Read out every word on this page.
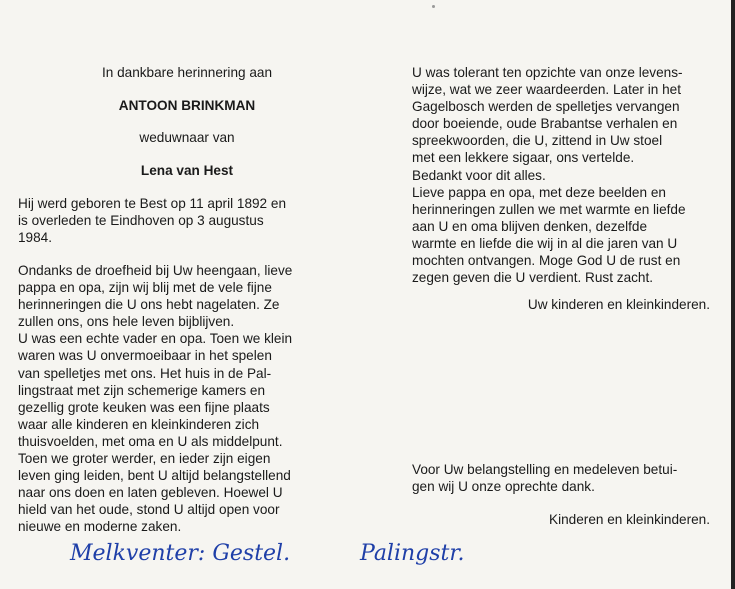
In dankbare herinnering aan

ANTOON BRINKMAN

weduwnaar van

Lena van Hest

Hij werd geboren te Best op 11 april 1892 en

is overleden te Eindhoven op 3 augustus

1984.

Ondanks de droefheid bij Uw heengaan, lieve

pappa en opa, zijn wij blij met de vele fijne

herinneringen die U ons hebt nagelaten. Ze

zullen ons, ons hele leven bijblijven.

U was een echte vader en opa. Toen we klein

waren was U onvermoeibaar in het spelen

van spelletjes met ons. Het huis in de Pal-

lingstraat met zijn schemerige kamers en

gezellig grote keuken was een fijne plaats

waar alle kinderen en kleinkinderen zich

thuisvoelden, met oma en U als middelpunt.

Toen we groter werder, en ieder zijn eigen

leven ging leiden, bent U altijd belangstellend

naar ons doen en laten gebleven. Hoewel U

hield van het oude, stond U altijd open voor

nieuwe en moderne zaken.

U was tolerant ten opzichte van onze levens-

wijze, wat we zeer waardeerden. Later in het

Gagelbosch werden de spelletjes vervangen

door boeiende, oude Brabantse verhalen en

spreekwoorden, die U, zittend in Uw stoel

met een lekkere sigaar, ons vertelde.

Bedankt voor dit alles.

Lieve pappa en opa, met deze beelden en

herinneringen zullen we met warmte en liefde

aan U en oma blijven denken, dezelfde

warmte en liefde die wij in al die jaren van U

mochten ontvangen. Moge God U de rust en

zegen geven die U verdient. Rust zacht.

Uw kinderen en kleinkinderen.

Voor Uw belangstelling en medeleven betui-

gen wij U onze oprechte dank.

Kinderen en kleinkinderen.

Melkventer: Gestel.	Palingstr.
